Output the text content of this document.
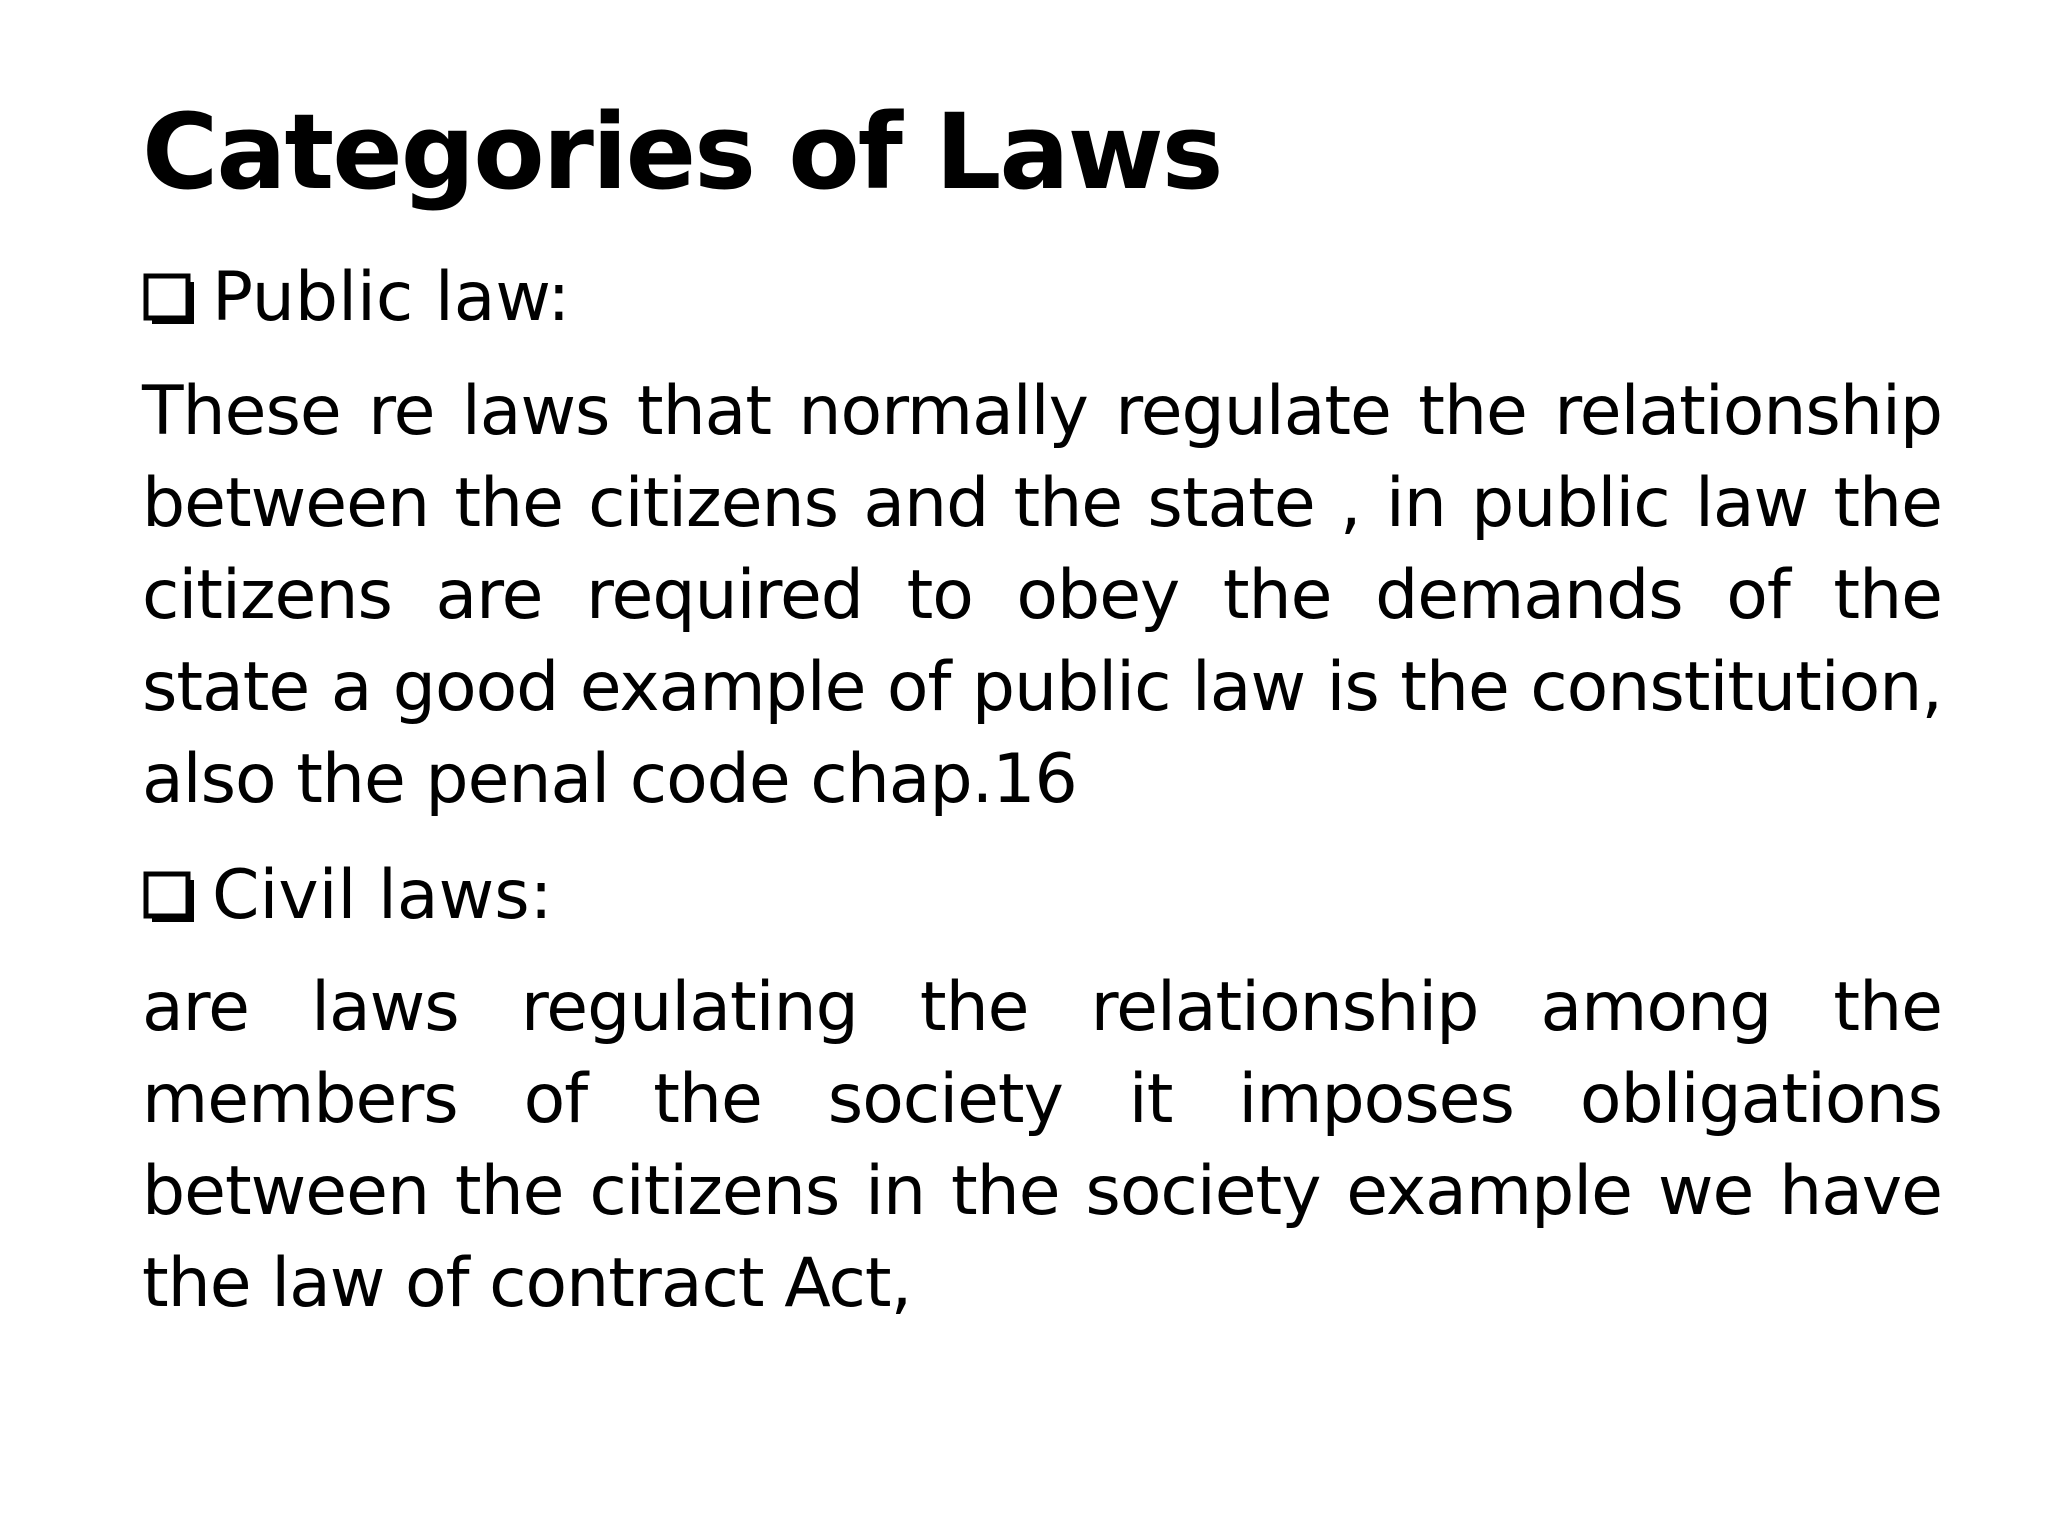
Categories of Laws
Public law:

These re laws that normally regulate the relationship between the citizens and the state , in public law the citizens are required to obey the demands of the state a good example of public law is the constitution, also the penal code chap.16

Civil laws:

are laws regulating the relationship among the members of the society it imposes obligations between the citizens in the society example we have the law of contract Act,
